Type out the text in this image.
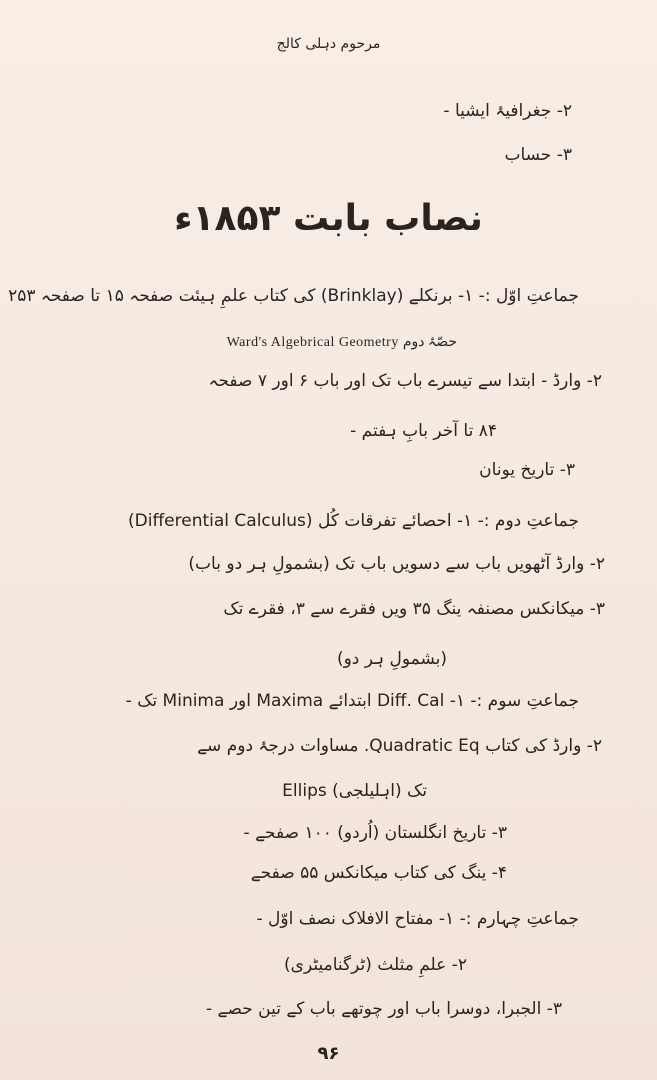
مرحوم دہلی کالج
۲- جغرافیۂ ایشیا -
۳- حساب
نصاب بابت ۱۸۵۳ء
جماعتِ اوّل :- ۱- برنکلے (Brinklay) کی کتاب علمِ ہیئت صفحہ ۱۵ تا صفحہ ۲۵۳
Ward's Algebrical Geometry حصّۂ دوم
۲- وارڈ - ابتدا سے تیسرے باب تک اور باب ۶ اور ۷ صفحہ
۸۴ تا آخر بابِ ہفتم -
۳- تاریخ یونان
جماعتِ دوم :- ۱- احصائے تفرقات کُل (Differential Calculus)
۲- وارڈ آٹھویں باب سے دسویں باب تک (بشمولِ ہر دو باب)
۳- میکانکس مصنفہ ینگ ۳۵ ویں فقرے سے ۳، فقرے تک
(بشمولِ ہر دو)
جماعتِ سوم :- ۱- Diff. Cal ابتدائے Maxima اور Minima تک -
۲- وارڈ کی کتاب Quadratic Eq. مساوات درجۂ دوم سے
Ellips (اہلیلجی) تک
۳- تاریخ انگلستان (اُردو) ۱۰۰ صفحے -
۴- ینگ کی کتاب میکانکس ۵۵ صفحے
جماعتِ چہارم :- ۱- مفتاح الافلاک نصف اوّل -
۲- علمِ مثلث (ٹرگنامیٹری)
۳- الجبرا، دوسرا باب اور چوتھے باب کے تین حصے -
۹۶
